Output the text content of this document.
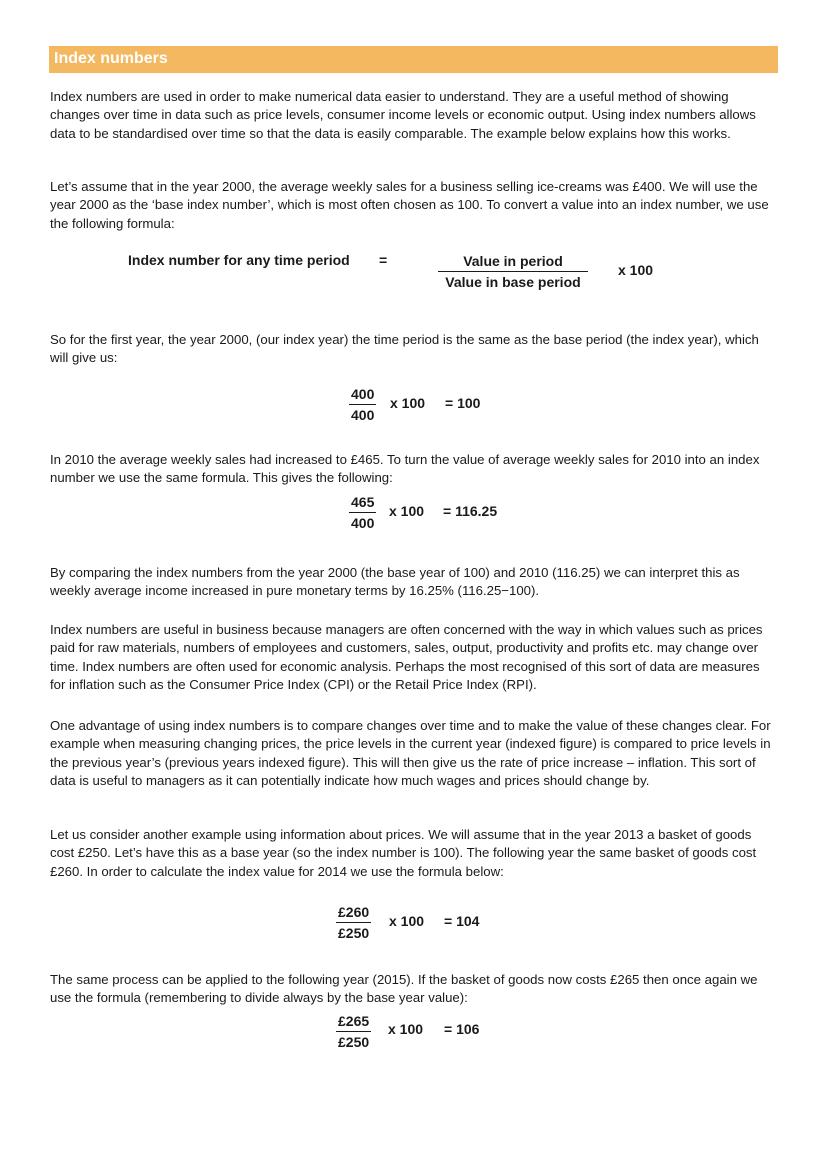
Index numbers

Index numbers are used in order to make numerical data easier to understand. They are a useful method of showing changes over time in data such as price levels, consumer income levels or economic output. Using index numbers allows data to be standardised over time so that the data is easily comparable. The example below explains how this works.

Let’s assume that in the year 2000, the average weekly sales for a business selling ice-creams was £400. We will use the year 2000 as the ‘base index number’, which is most often chosen as 100. To convert a value into an index number, we use the following formula:

Index number for any time period =	Value in period
Value in base period
x 100

So for the first year, the year 2000, (our index year) the time period is the same as the base period (the index year), which will give us:

$\frac{400}{400}$ x 100 = 100

In 2010 the average weekly sales had increased to £465. To turn the value of average weekly sales for 2010 into an index number we use the same formula. This gives the following:

$\frac{465}{400}$ x 100 = 116.25

By comparing the index numbers from the year 2000 (the base year of 100) and 2010 (116.25) we can interpret this as weekly average income increased in pure monetary terms by 16.25% (116.25−100).

Index numbers are useful in business because managers are often concerned with the way in which values such as prices paid for raw materials, numbers of employees and customers, sales, output, productivity and profits etc. may change over time. Index numbers are often used for economic analysis. Perhaps the most recognised of this sort of data are measures for inflation such as the Consumer Price Index (CPI) or the Retail Price Index (RPI).

One advantage of using index numbers is to compare changes over time and to make the value of these changes clear. For example when measuring changing prices, the price levels in the current year (indexed figure) is compared to price levels in the previous year’s (previous years indexed figure). This will then give us the rate of price increase – inflation. This sort of data is useful to managers as it can potentially indicate how much wages and prices should change by.

Let us consider another example using information about prices. We will assume that in the year 2013 a basket of goods cost £250. Let’s have this as a base year (so the index number is 100). The following year the same basket of goods cost £260. In order to calculate the index value for 2014 we use the formula below:

$\frac{£260}{£250}$ x 100 = 104

The same process can be applied to the following year (2015). If the basket of goods now costs £265 then once again we use the formula (remembering to divide always by the base year value):

$\frac{£265}{£250}$ x 100 = 106
